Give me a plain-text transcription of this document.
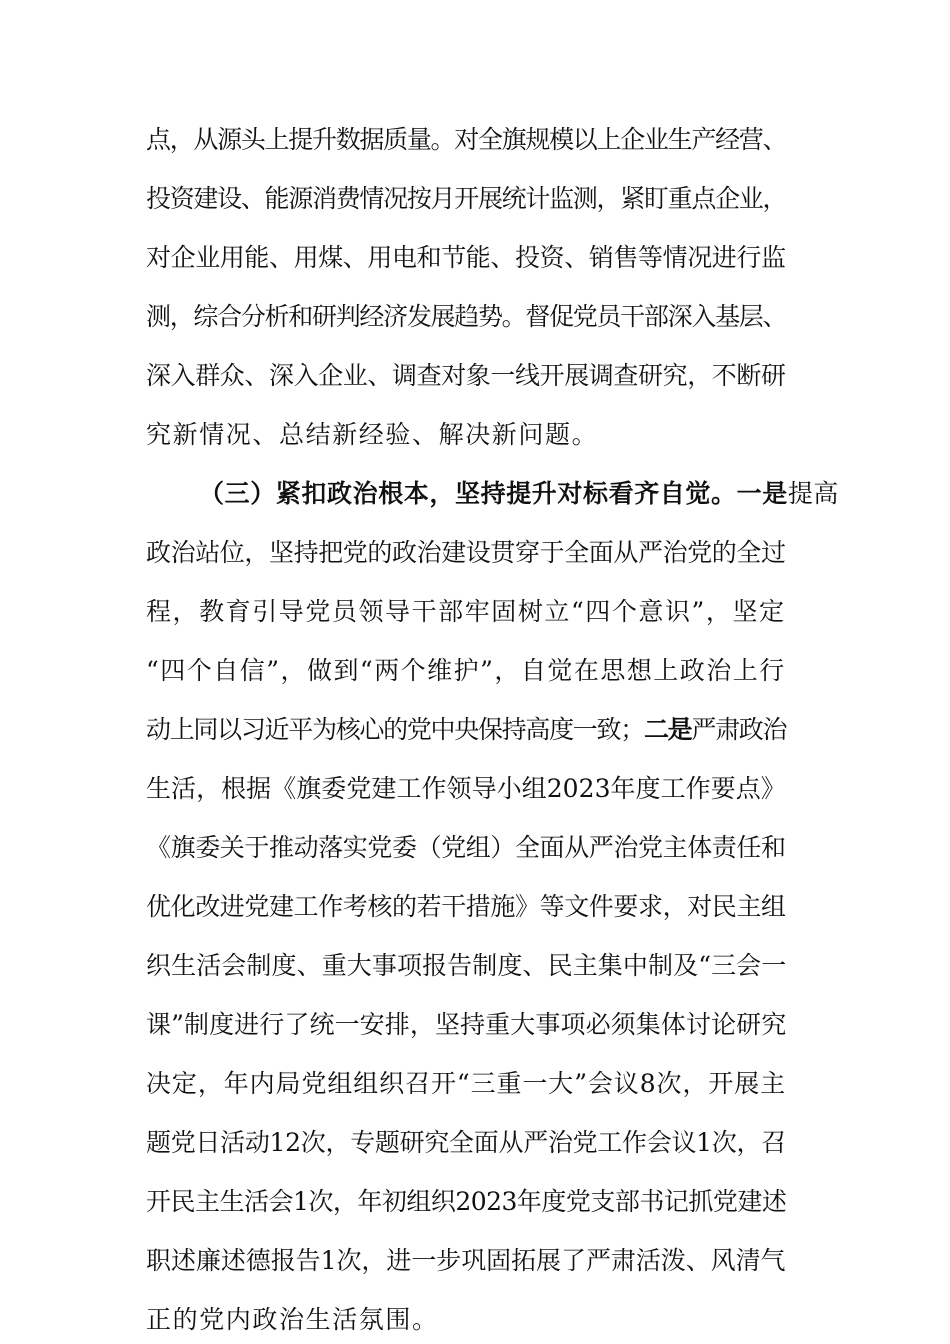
点，从源头上提升数据质量。对全旗规模以上企业生产经营、
投资建设、能源消费情况按月开展统计监测，紧盯重点企业，
对企业用能、用煤、用电和节能、投资、销售等情况进行监
测，综合分析和研判经济发展趋势。督促党员干部深入基层、
深入群众、深入企业、调查对象一线开展调查研究，不断研
究新情况、总结新经验、解决新问题。
（三）紧扣政治根本，坚持提升对标看齐自觉。一是提高
政治站位，坚持把党的政治建设贯穿于全面从严治党的全过
程，教育引导党员领导干部牢固树立“四个意识”，坚定
“四个自信”，做到“两个维护”，自觉在思想上政治上行
动上同以习近平为核心的党中央保持高度一致；二是严肃政治
生活，根据《旗委党建工作领导小组2023年度工作要点》
《旗委关于推动落实党委（党组）全面从严治党主体责任和
优化改进党建工作考核的若干措施》等文件要求，对民主组
织生活会制度、重大事项报告制度、民主集中制及“三会一
课”制度进行了统一安排，坚持重大事项必须集体讨论研究
决定，年内局党组组织召开“三重一大”会议8次，开展主
题党日活动12次，专题研究全面从严治党工作会议1次，召
开民主生活会1次，年初组织2023年度党支部书记抓党建述
职述廉述德报告1次，进一步巩固拓展了严肃活泼、风清气
正的党内政治生活氛围。
